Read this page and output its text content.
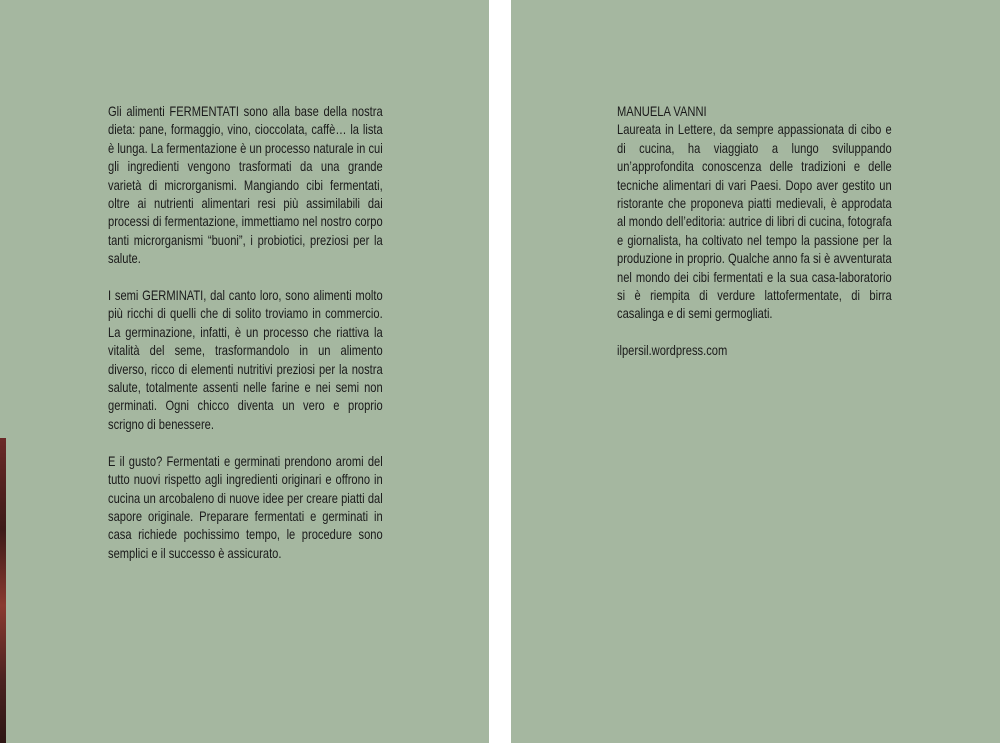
Gli alimenti FERMENTATI sono alla base della nostra dieta: pane, formaggio, vino, cioccolata, caffè… la lista è lunga. La fermentazione è un processo naturale in cui gli ingredienti vengono trasformati da una grande varietà di microrganismi. Mangiando cibi fermentati, oltre ai nutrienti alimentari resi più assimilabili dai processi di fermentazione, immettiamo nel nostro corpo tanti microrganismi “buoni”, i probiotici, preziosi per la salute.

I semi GERMINATI, dal canto loro, sono alimenti molto più ricchi di quelli che di solito troviamo in commercio. La germinazione, infatti, è un processo che riattiva la vitalità del seme, trasformandolo in un alimento diverso, ricco di elementi nutritivi preziosi per la nostra salute, totalmente assenti nelle farine e nei semi non germinati. Ogni chicco diventa un vero e proprio scrigno di benessere.

E il gusto? Fermentati e germinati prendono aromi del tutto nuovi rispetto agli ingredienti originari e offrono in cucina un arcobaleno di nuove idee per creare piatti dal sapore originale. Preparare fermentati e germinati in casa richiede pochissimo tempo, le procedure sono semplici e il successo è assicurato.

MANUELA VANNI
Laureata in Lettere, da sempre appassionata di cibo e di cucina, ha viaggiato a lungo sviluppando un’approfondita conoscenza delle tradizioni e delle tecniche alimentari di vari Paesi. Dopo aver gestito un ristorante che proponeva piatti medievali, è approdata al mondo dell’editoria: autrice di libri di cucina, fotografa e giornalista, ha coltivato nel tempo la passione per la produzione in proprio. Qualche anno fa si è avventurata nel mondo dei cibi fermentati e la sua casa-laboratorio si è riempita di verdure lattofermentate, di birra casalinga e di semi germogliati.

ilpersil.wordpress.com
